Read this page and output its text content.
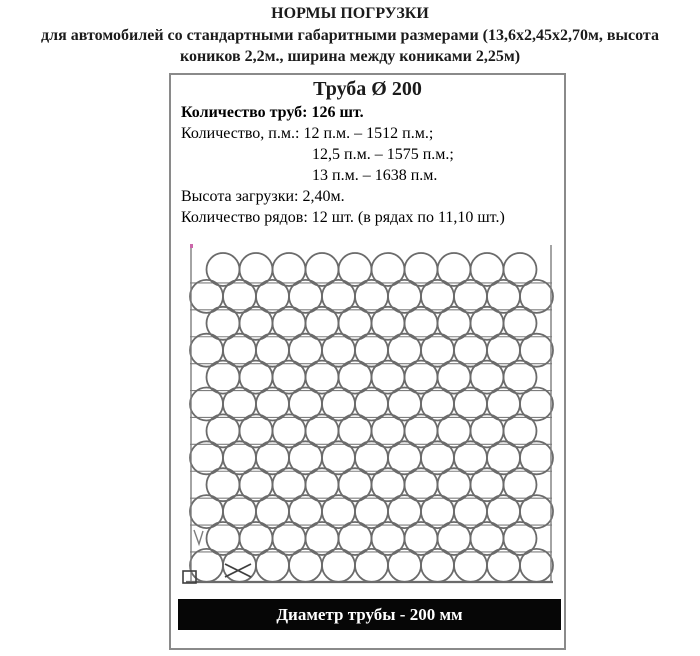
НОРМЫ ПОГРУЗКИ
для автомобилей со стандартными габаритными размерами (13,6х2,45х2,70м, высота
коников 2,2м., ширина между кониками 2,25м)
Труба Ø 200
Количество труб: 126 шт.
Количество, п.м.: 12 п.м. – 1512 п.м.;
12,5 п.м. – 1575 п.м.;
13 п.м. – 1638 п.м.
Высота загрузки: 2,40м.
Количество рядов: 12 шт. (в рядах по 11,10 шт.)
Диаметр трубы - 200 мм
